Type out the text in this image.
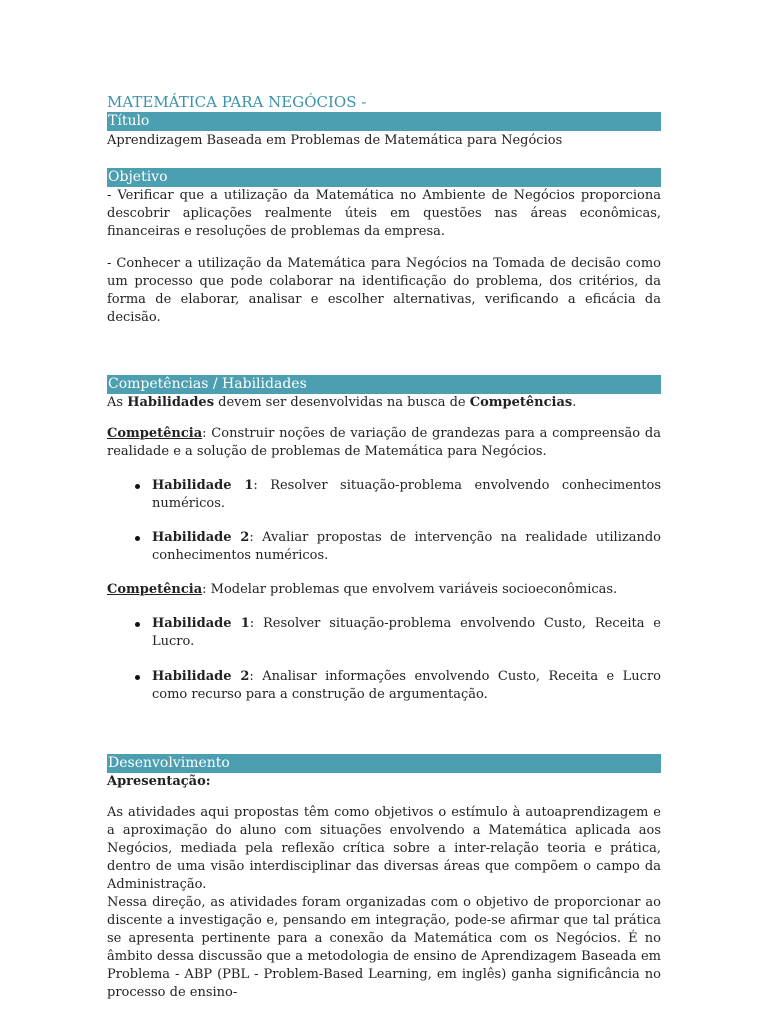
MATEMÁTICA PARA NEGÓCIOS -
Título

Aprendizagem Baseada em Problemas de Matemática para Negócios

Objetivo

- Verificar que a utilização da Matemática no Ambiente de Negócios proporciona descobrir aplicações realmente úteis em questões nas áreas econômicas, financeiras e resoluções de problemas da empresa.

- Conhecer a utilização da Matemática para Negócios na Tomada de decisão como um processo que pode colaborar na identificação do problema, dos critérios, da forma de elaborar, analisar e escolher alternativas, verificando a eficácia da decisão.

Competências / Habilidades

As Habilidades devem ser desenvolvidas na busca de Competências.

Competência: Construir noções de variação de grandezas para a compreensão da realidade e a solução de problemas de Matemática para Negócios.

Habilidade 1: Resolver situação-problema envolvendo conhecimentos numéricos.
Habilidade 2: Avaliar propostas de intervenção na realidade utilizando conhecimentos numéricos.

Competência: Modelar problemas que envolvem variáveis socioeconômicas.

Habilidade 1: Resolver situação-problema envolvendo Custo, Receita e Lucro.
Habilidade 2: Analisar informações envolvendo Custo, Receita e Lucro como recurso para a construção de argumentação.
Desenvolvimento

Apresentação:

As atividades aqui propostas têm como objetivos o estímulo à autoaprendizagem e a aproximação do aluno com situações envolvendo a Matemática aplicada aos Negócios, mediada pela reflexão crítica sobre a inter-relação teoria e prática, dentro de uma visão interdisciplinar das diversas áreas que compõem o campo da Administração.

Nessa direção, as atividades foram organizadas com o objetivo de proporcionar ao discente a investigação e, pensando em integração, pode-se afirmar que tal prática se apresenta pertinente para a conexão da Matemática com os Negócios. É no âmbito dessa discussão que a metodologia de ensino de Aprendizagem Baseada em Problema - ABP (PBL - Problem-Based Learning, em inglês) ganha significância no processo de ensino-
